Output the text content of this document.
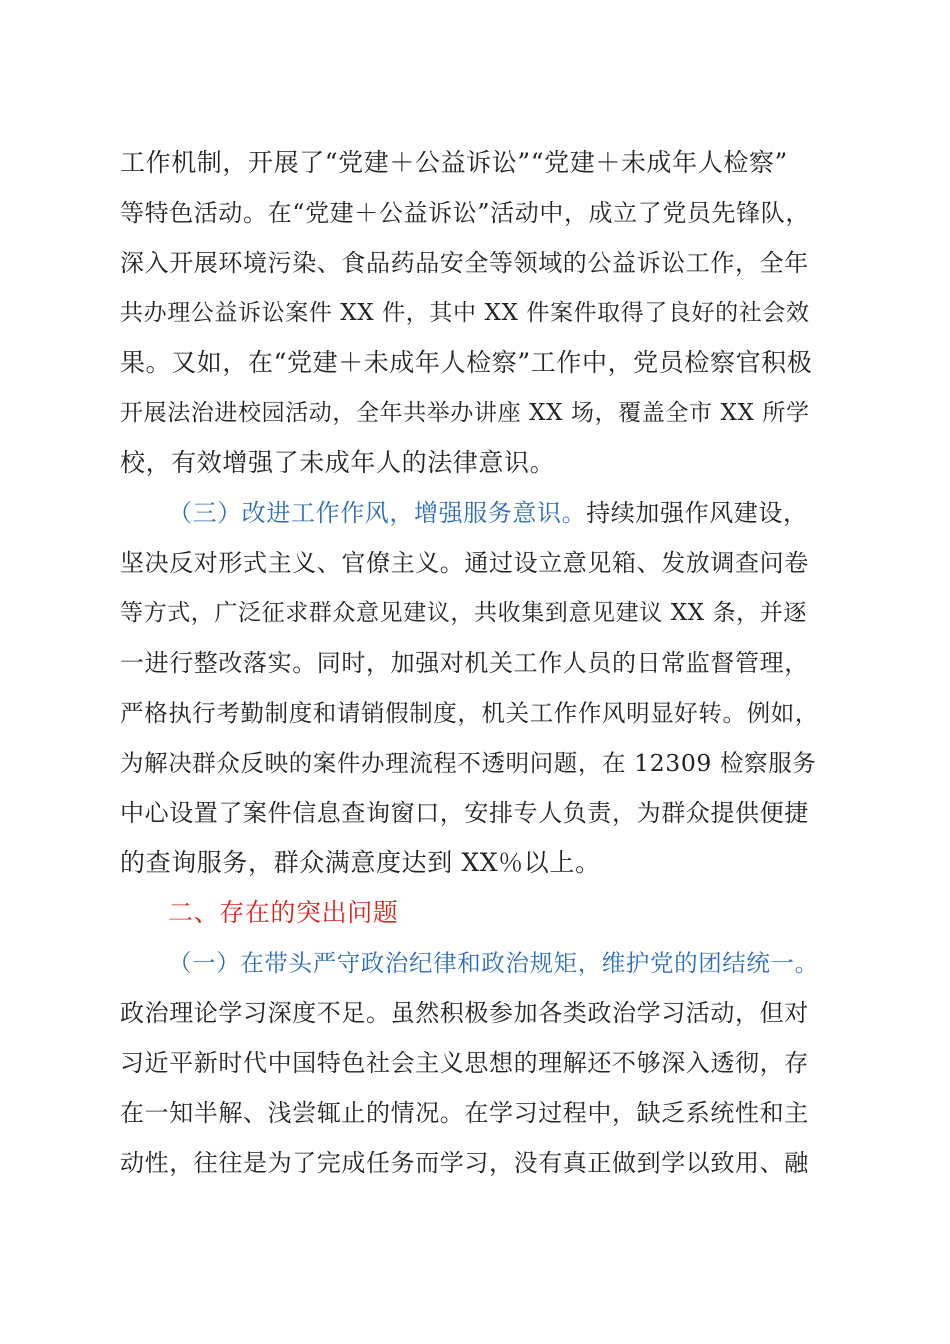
工作机制，开展了“党建＋公益诉讼”“党建＋未成年人检察”
等特色活动。在“党建＋公益诉讼”活动中，成立了党员先锋队，
深入开展环境污染、食品药品安全等领域的公益诉讼工作，全年
共办理公益诉讼案件 XX 件，其中 XX 件案件取得了良好的社会效
果。又如，在“党建＋未成年人检察”工作中，党员检察官积极
开展法治进校园活动，全年共举办讲座 XX 场，覆盖全市 XX 所学
校，有效增强了未成年人的法律意识。
（三）改进工作作风，增强服务意识。持续加强作风建设，
坚决反对形式主义、官僚主义。通过设立意见箱、发放调查问卷
等方式，广泛征求群众意见建议，共收集到意见建议 XX 条，并逐
一进行整改落实。同时，加强对机关工作人员的日常监督管理，
严格执行考勤制度和请销假制度，机关工作作风明显好转。例如，
为解决群众反映的案件办理流程不透明问题，在 12309 检察服务
中心设置了案件信息查询窗口，安排专人负责，为群众提供便捷
的查询服务，群众满意度达到 XX％以上。
二、存在的突出问题
（一）在带头严守政治纪律和政治规矩，维护党的团结统一。
政治理论学习深度不足。虽然积极参加各类政治学习活动，但对
习近平新时代中国特色社会主义思想的理解还不够深入透彻，存
在一知半解、浅尝辄止的情况。在学习过程中，缺乏系统性和主
动性，往往是为了完成任务而学习，没有真正做到学以致用、融
